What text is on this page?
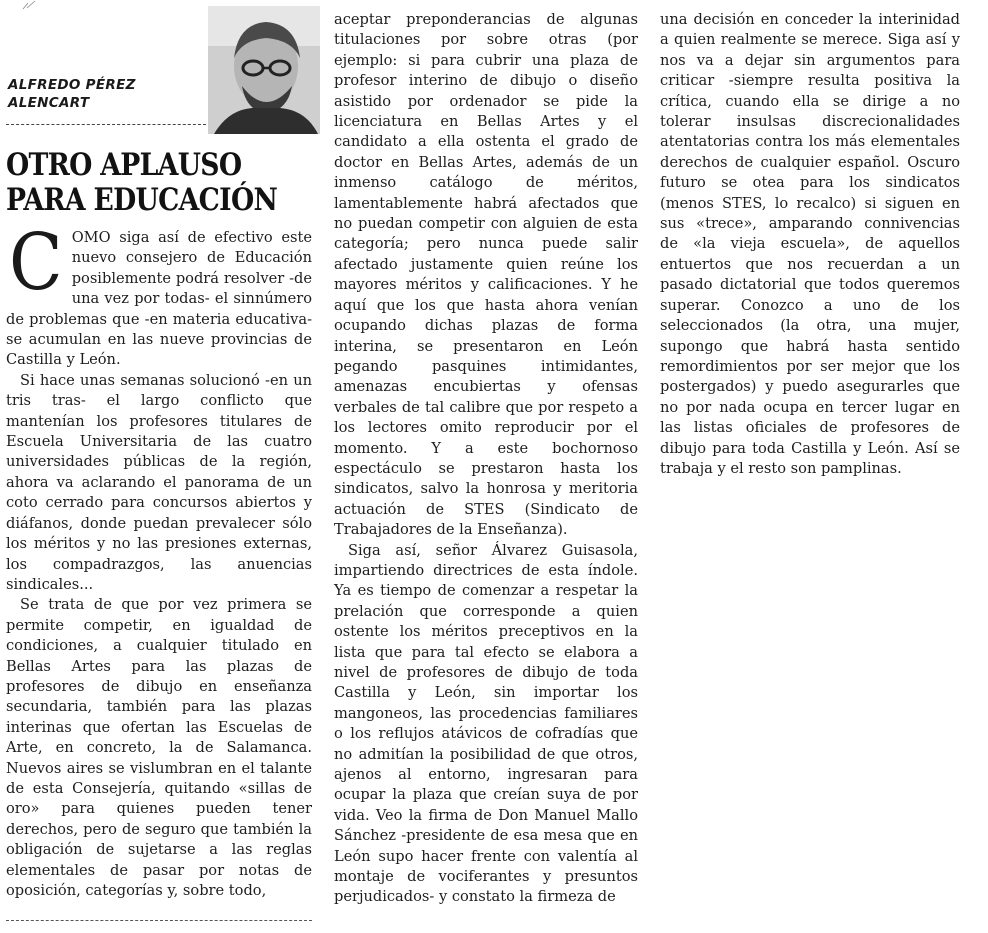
ALFREDO PÉREZ
ALENCART
OTRO APLAUSO
PARA EDUCACIÓN

COMO siga así de efectivo este nuevo consejero de Educación posiblemente podrá resolver -de una vez por todas- el sinnúmero de problemas que -en materia educativa- se acumulan en las nueve provincias de Castilla y León.

Si hace unas semanas solucionó -en un tris tras- el largo conflicto que mantenían los profesores titulares de Escuela Universitaria de las cuatro universidades públicas de la región, ahora va aclarando el panorama de un coto cerrado para concursos abiertos y diáfanos, donde puedan prevalecer sólo los méritos y no las presiones externas, los compadrazgos, las anuencias sindicales...

Se trata de que por vez primera se permite competir, en igualdad de condiciones, a cualquier titulado en Bellas Artes para las plazas de profesores de dibujo en enseñanza secundaria, también para las plazas interinas que ofertan las Escuelas de Arte, en concreto, la de Salamanca. Nuevos aires se vislumbran en el talante de esta Consejería, quitando «sillas de oro» para quienes pueden tener derechos, pero de seguro que también la obligación de sujetarse a las reglas elementales de pasar por notas de oposición, categorías y, sobre todo,

aceptar preponderancias de algunas titulaciones por sobre otras (por ejemplo: si para cubrir una plaza de profesor interino de dibujo o diseño asistido por ordenador se pide la licenciatura en Bellas Artes y el candidato a ella ostenta el grado de doctor en Bellas Artes, además de un inmenso catálogo de méritos, lamentablemente habrá afectados que no puedan competir con alguien de esta categoría; pero nunca puede salir afectado justamente quien reúne los mayores méritos y calificaciones. Y he aquí que los que hasta ahora venían ocupando dichas plazas de forma interina, se presentaron en León pegando pasquines intimidantes, amenazas encubiertas y ofensas verbales de tal calibre que por respeto a los lectores omito reproducir por el momento. Y a este bochornoso espectáculo se prestaron hasta los sindicatos, salvo la honrosa y meritoria actuación de STES (Sindicato de Trabajadores de la Enseñanza).

Siga así, señor Álvarez Guisasola, impartiendo directrices de esta índole. Ya es tiempo de comenzar a respetar la prelación que corresponde a quien ostente los méritos preceptivos en la lista que para tal efecto se elabora a nivel de profesores de dibujo de toda Castilla y León, sin importar los mangoneos, las procedencias familiares o los reflujos atávicos de cofradías que no admitían la posibilidad de que otros, ajenos al entorno, ingresaran para ocupar la plaza que creían suya de por vida. Veo la firma de Don Manuel Mallo Sánchez -presidente de esa mesa que en León supo hacer frente con valentía al montaje de vociferantes y presuntos perjudicados- y constato la firmeza de

una decisión en conceder la interinidad a quien realmente se merece. Siga así y nos va a dejar sin argumentos para criticar -siempre resulta positiva la crítica, cuando ella se dirige a no tolerar insulsas discrecionalidades atentatorias contra los más elementales derechos de cualquier español. Oscuro futuro se otea para los sindicatos (menos STES, lo recalco) si siguen en sus «trece», amparando connivencias de «la vieja escuela», de aquellos entuertos que nos recuerdan a un pasado dictatorial que todos queremos superar. Conozco a uno de los seleccionados (la otra, una mujer, supongo que habrá hasta sentido remordimientos por ser mejor que los postergados) y puedo asegurarles que no por nada ocupa en tercer lugar en las listas oficiales de profesores de dibujo para toda Castilla y León. Así se trabaja y el resto son pamplinas.
